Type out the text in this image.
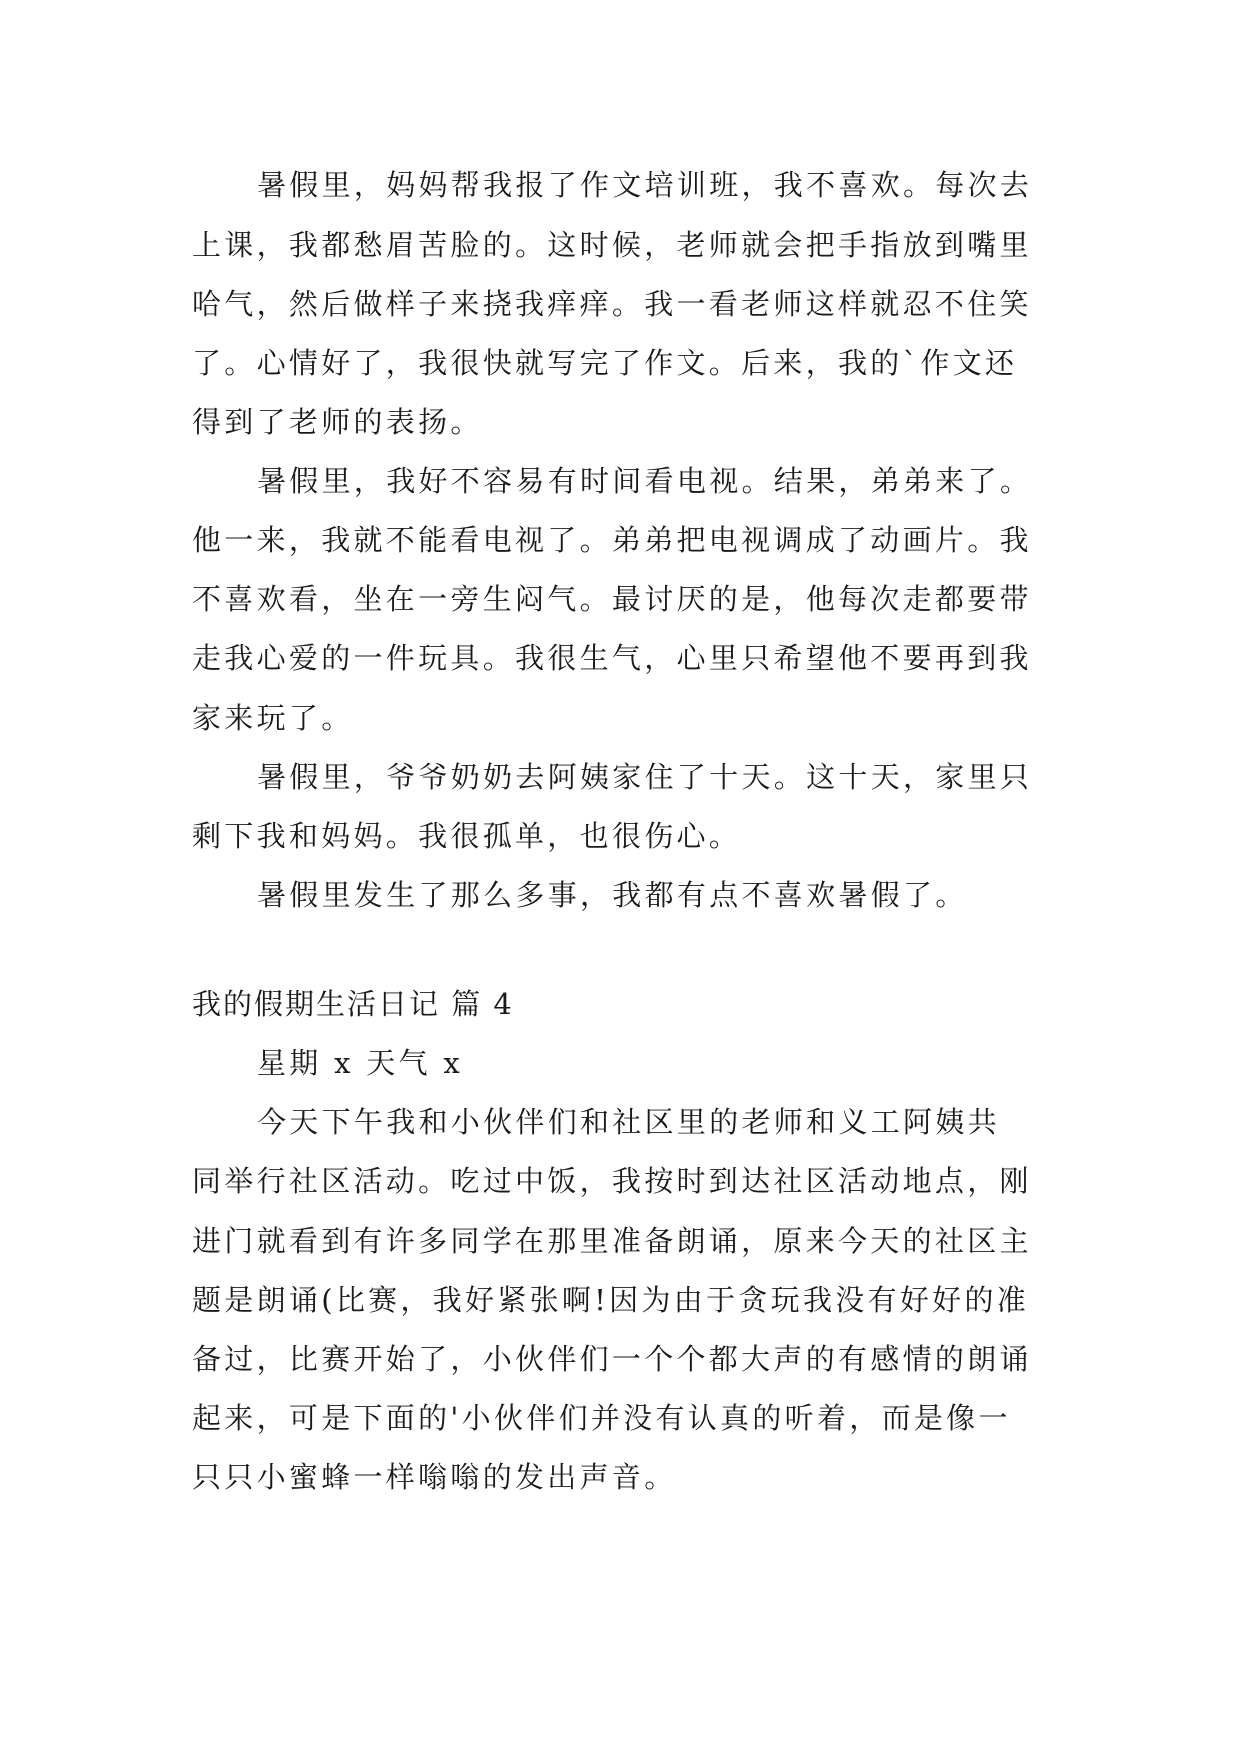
暑假里，妈妈帮我报了作文培训班，我不喜欢。每次去
上课，我都愁眉苦脸的。这时候，老师就会把手指放到嘴里
哈气，然后做样子来挠我痒痒。我一看老师这样就忍不住笑
了。心情好了，我很快就写完了作文。后来，我的`作文还
得到了老师的表扬。
暑假里，我好不容易有时间看电视。结果，弟弟来了。
他一来，我就不能看电视了。弟弟把电视调成了动画片。我
不喜欢看，坐在一旁生闷气。最讨厌的是，他每次走都要带
走我心爱的一件玩具。我很生气，心里只希望他不要再到我
家来玩了。
暑假里，爷爷奶奶去阿姨家住了十天。这十天，家里只
剩下我和妈妈。我很孤单，也很伤心。
暑假里发生了那么多事，我都有点不喜欢暑假了。
我的假期生活日记 篇 4
星期 x 天气 x
今天下午我和小伙伴们和社区里的老师和义工阿姨共
同举行社区活动。吃过中饭，我按时到达社区活动地点，刚
进门就看到有许多同学在那里准备朗诵，原来今天的社区主
题是朗诵(比赛，我好紧张啊!因为由于贪玩我没有好好的准
备过，比赛开始了，小伙伴们一个个都大声的有感情的朗诵
起来，可是下面的'小伙伴们并没有认真的听着，而是像一
只只小蜜蜂一样嗡嗡的发出声音。
